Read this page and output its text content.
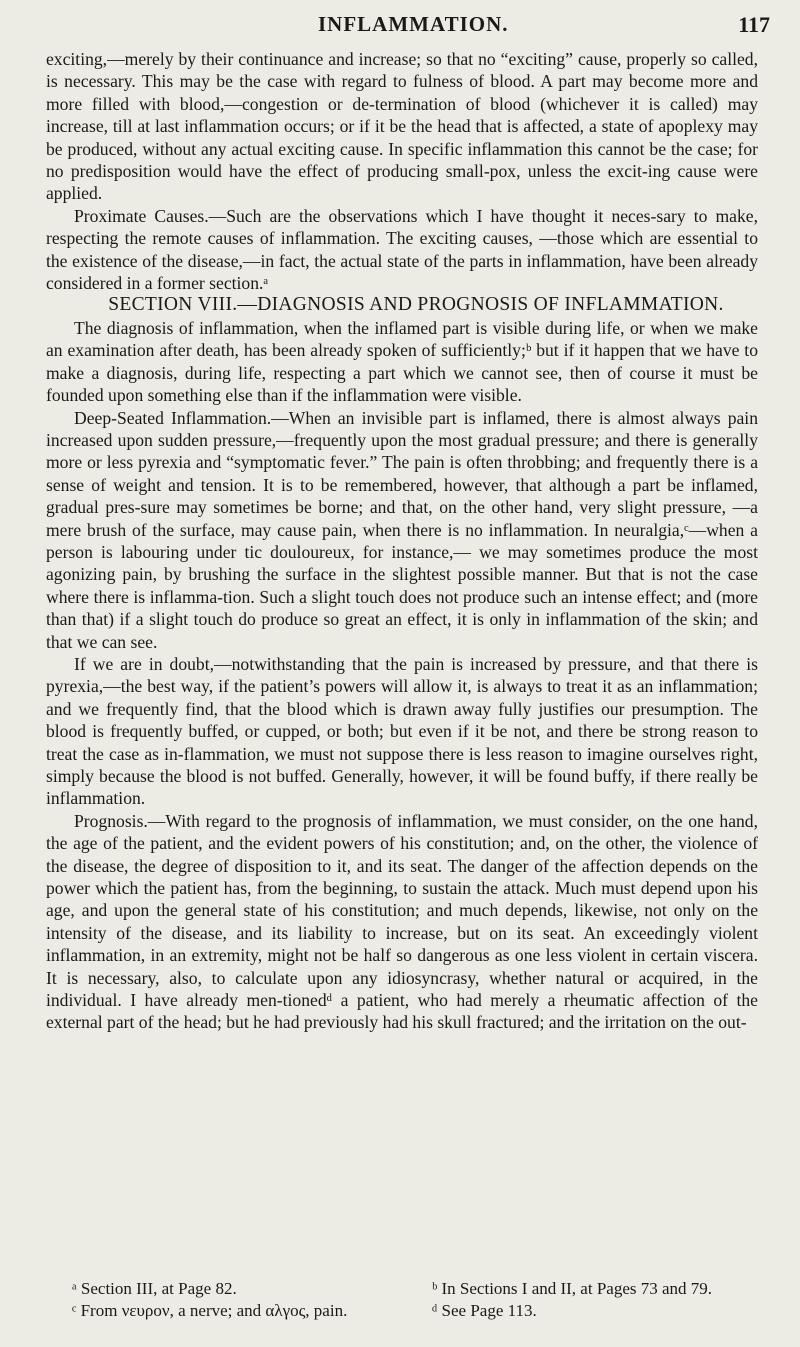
INFLAMMATION.	117

exciting,—merely by their continuance and increase; so that no “exciting” cause, properly so called, is necessary. This may be the case with regard to fulness of blood. A part may become more and more filled with blood,—congestion or de-termination of blood (whichever it is called) may increase, till at last inflammation occurs; or if it be the head that is affected, a state of apoplexy may be produced, without any actual exciting cause. In specific inflammation this cannot be the case; for no predisposition would have the effect of producing small-pox, unless the excit-ing cause were applied.

Proximate Causes.—Such are the observations which I have thought it neces-sary to make, respecting the remote causes of inflammation. The exciting causes, —those which are essential to the existence of the disease,—in fact, the actual state of the parts in inflammation, have been already considered in a former section.ᵃ

SECTION VIII.—DIAGNOSIS AND PROGNOSIS OF INFLAMMATION.

The diagnosis of inflammation, when the inflamed part is visible during life, or when we make an examination after death, has been already spoken of sufficiently;ᵇ but if it happen that we have to make a diagnosis, during life, respecting a part which we cannot see, then of course it must be founded upon something else than if the inflammation were visible.

Deep-Seated Inflammation.—When an invisible part is inflamed, there is almost always pain increased upon sudden pressure,—frequently upon the most gradual pressure; and there is generally more or less pyrexia and “symptomatic fever.” The pain is often throbbing; and frequently there is a sense of weight and tension. It is to be remembered, however, that although a part be inflamed, gradual pres-sure may sometimes be borne; and that, on the other hand, very slight pressure, —a mere brush of the surface, may cause pain, when there is no inflammation. In neuralgia,ᶜ—when a person is labouring under tic douloureux, for instance,— we may sometimes produce the most agonizing pain, by brushing the surface in the slightest possible manner. But that is not the case where there is inflamma-tion. Such a slight touch does not produce such an intense effect; and (more than that) if a slight touch do produce so great an effect, it is only in inflammation of the skin; and that we can see.

If we are in doubt,—notwithstanding that the pain is increased by pressure, and that there is pyrexia,—the best way, if the patient’s powers will allow it, is always to treat it as an inflammation; and we frequently find, that the blood which is drawn away fully justifies our presumption. The blood is frequently buffed, or cupped, or both; but even if it be not, and there be strong reason to treat the case as in-flammation, we must not suppose there is less reason to imagine ourselves right, simply because the blood is not buffed. Generally, however, it will be found buffy, if there really be inflammation.

Prognosis.—With regard to the prognosis of inflammation, we must consider, on the one hand, the age of the patient, and the evident powers of his constitution; and, on the other, the violence of the disease, the degree of disposition to it, and its seat. The danger of the affection depends on the power which the patient has, from the beginning, to sustain the attack. Much must depend upon his age, and upon the general state of his constitution; and much depends, likewise, not only on the intensity of the disease, and its liability to increase, but on its seat. An exceedingly violent inflammation, in an extremity, might not be half so dangerous as one less violent in certain viscera. It is necessary, also, to calculate upon any idiosyncrasy, whether natural or acquired, in the individual. I have already men-tionedᵈ a patient, who had merely a rheumatic affection of the external part of the head; but he had previously had his skull fractured; and the irritation on the out-

ᵃ Section III, at Page 82.	ᵇ In Sections I and II, at Pages 73 and 79.
ᶜ From νευρον, a nerve; and αλγος, pain.	ᵈ See Page 113.
